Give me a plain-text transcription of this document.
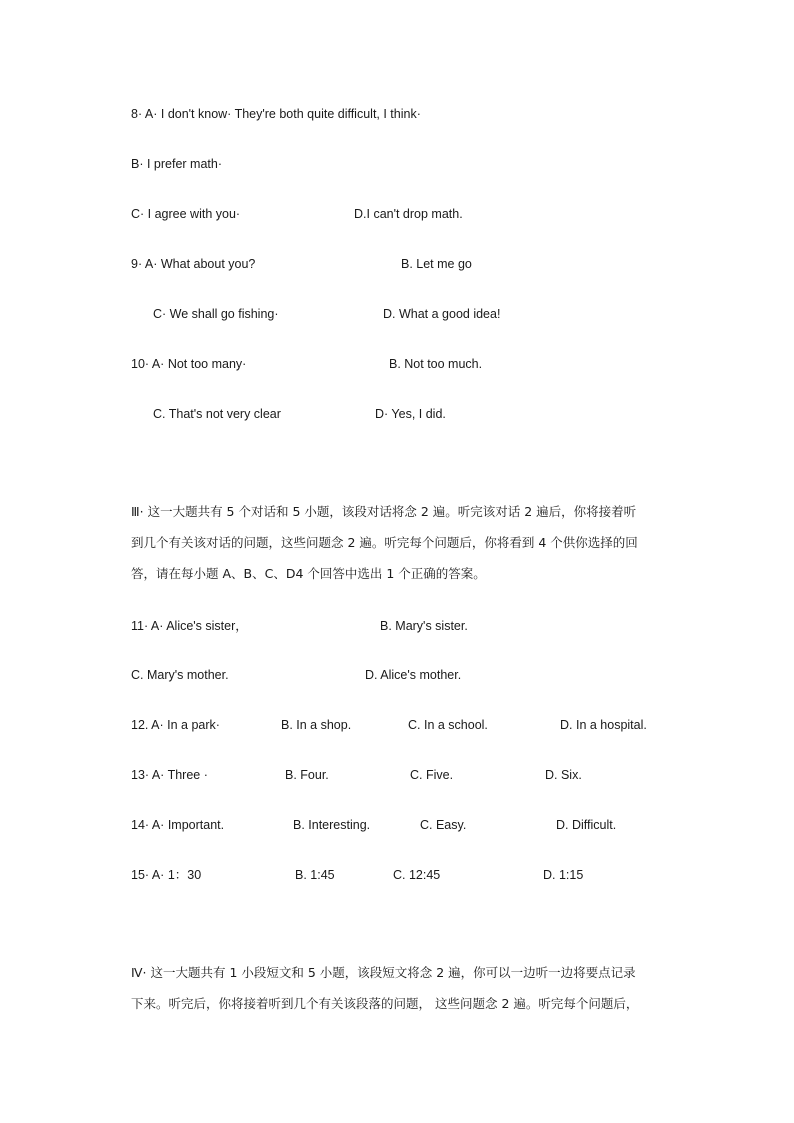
8· A· I don't know· They're both quite difficult, I think·
B· I prefer math·
C· I agree with you·	D.I can't drop math.
9· A· What about you?	B. Let me go
C· We shall go fishing·	D. What a good idea!
10· A· Not too many·	B. Not too much.
C. That's not very clear	D· Yes, I did.
Ⅲ· 这一大题共有 5 个对话和 5 小题，该段对话将念 2 遍。听完该对话 2 遍后，你将接着听
到几个有关该对话的问题，这些问题念 2 遍。听完每个问题后，你将看到 4 个供你选择的回
答，请在每小题 A、B、C、D4 个回答中选出 1 个正确的答案。
11· A· Alice's sister，	B. Mary's sister.
C. Mary's mother.	D. Alice's mother.
12. A· In a park·	B. In a shop.	C. In a school.	D. In a hospital.
13· A· Three ·	B. Four.	C. Five.	D. Six.
14· A· Important.	B. Interesting.	C. Easy.	D. Difficult.
15· A· 1：30	B. 1:45	C. 12:45	D. 1:15
Ⅳ· 这一大题共有 1 小段短文和 5 小题，该段短文将念 2 遍，你可以一边听一边将要点记录
下来。听完后，你将接着听到几个有关该段落的问题， 这些问题念 2 遍。听完每个问题后，
